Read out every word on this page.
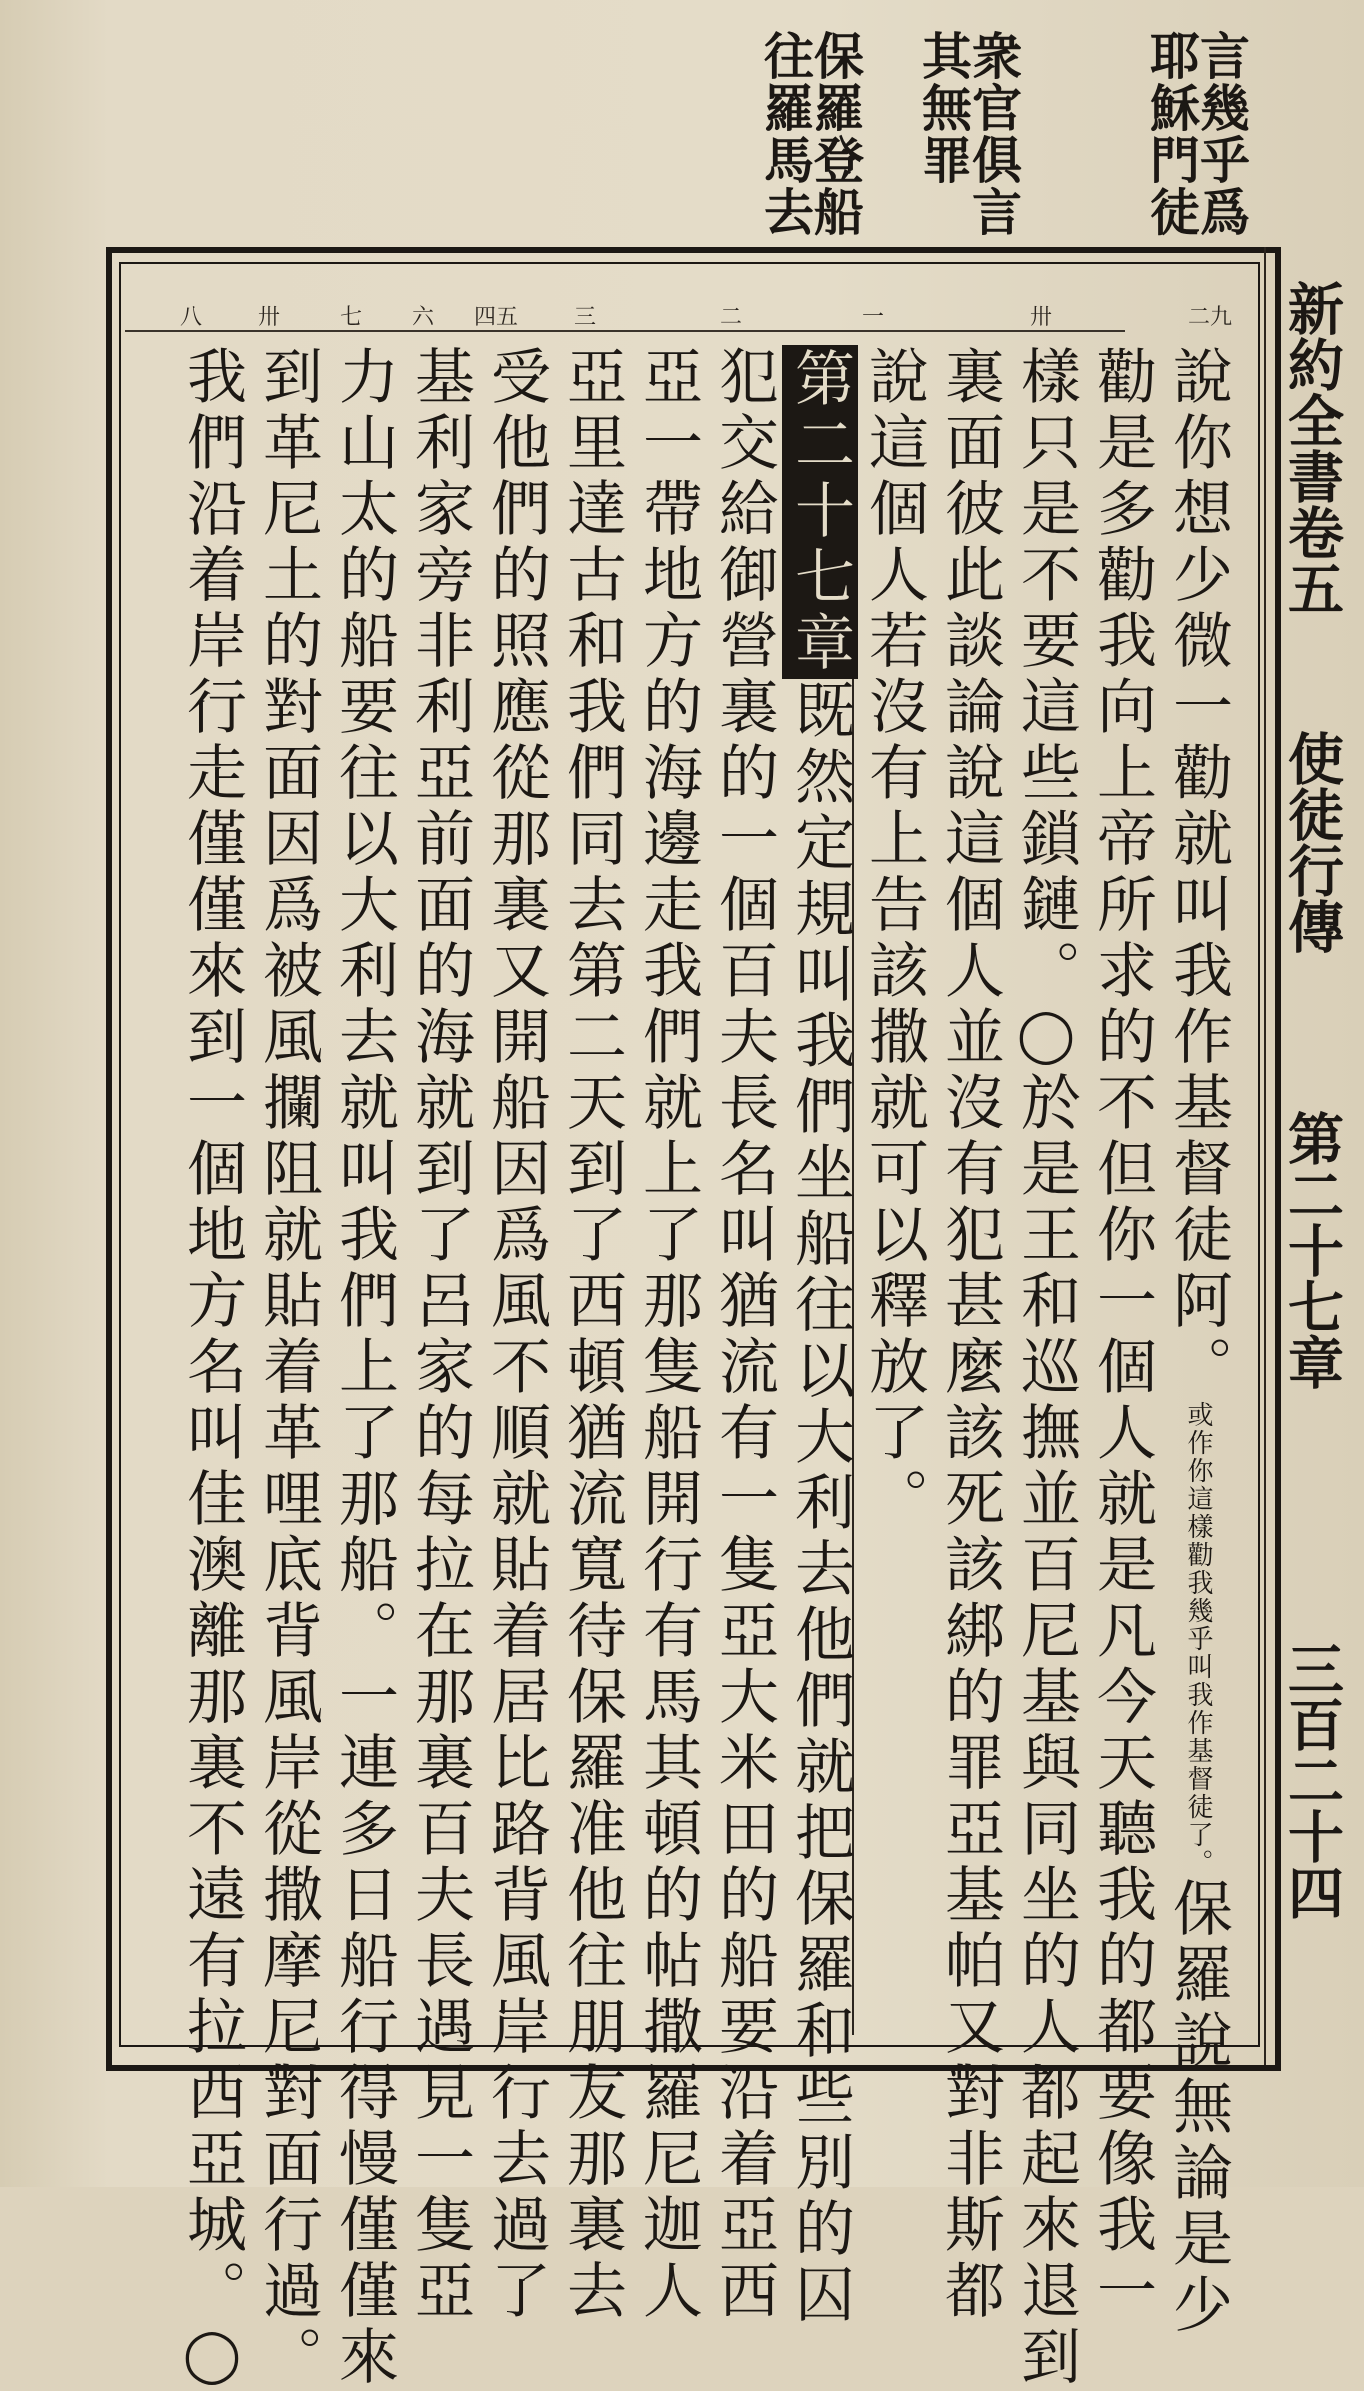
言幾乎爲
耶穌門徒
衆官俱言
其無罪
保羅登船
往羅馬去
新約全書卷五
使徒行傳
第二十七章
三百二十四
二九
卅
一
二
三
四五
六
七
卅
八
說你想少微一勸就叫我作基督徒阿。或作你這樣勸我幾乎叫我作基督徒了。保羅說無論是少
勸是多勸我向上帝所求的不但你一個人就是凡今天聽我的都要像我一
樣只是不要這些鎖鏈。◯於是王和巡撫並百尼基與同坐的人都起來退到
裏面彼此談論說這個人並沒有犯甚麼該死該綁的罪亞基帕又對非斯都
說這個人若沒有上告該撒就可以釋放了。
第二十七章既然定規叫我們坐船往以大利去他們就把保羅和些別的囚
犯交給御營裏的一個百夫長名叫猶流有一隻亞大米田的船要沿着亞西
亞一帶地方的海邊走我們就上了那隻船開行有馬其頓的帖撒羅尼迦人
亞里達古和我們同去第二天到了西頓猶流寬待保羅准他往朋友那裏去
受他們的照應從那裏又開船因爲風不順就貼着居比路背風岸行去過了
基利家旁非利亞前面的海就到了呂家的每拉在那裏百夫長遇見一隻亞
力山太的船要往以大利去就叫我們上了那船。一連多日船行得慢僅僅來
到革尼土的對面因爲被風攔阻就貼着革哩底背風岸從撒摩尼對面行過。
我們沿着岸行走僅僅來到一個地方名叫佳澳離那裏不遠有拉西亞城。◯
